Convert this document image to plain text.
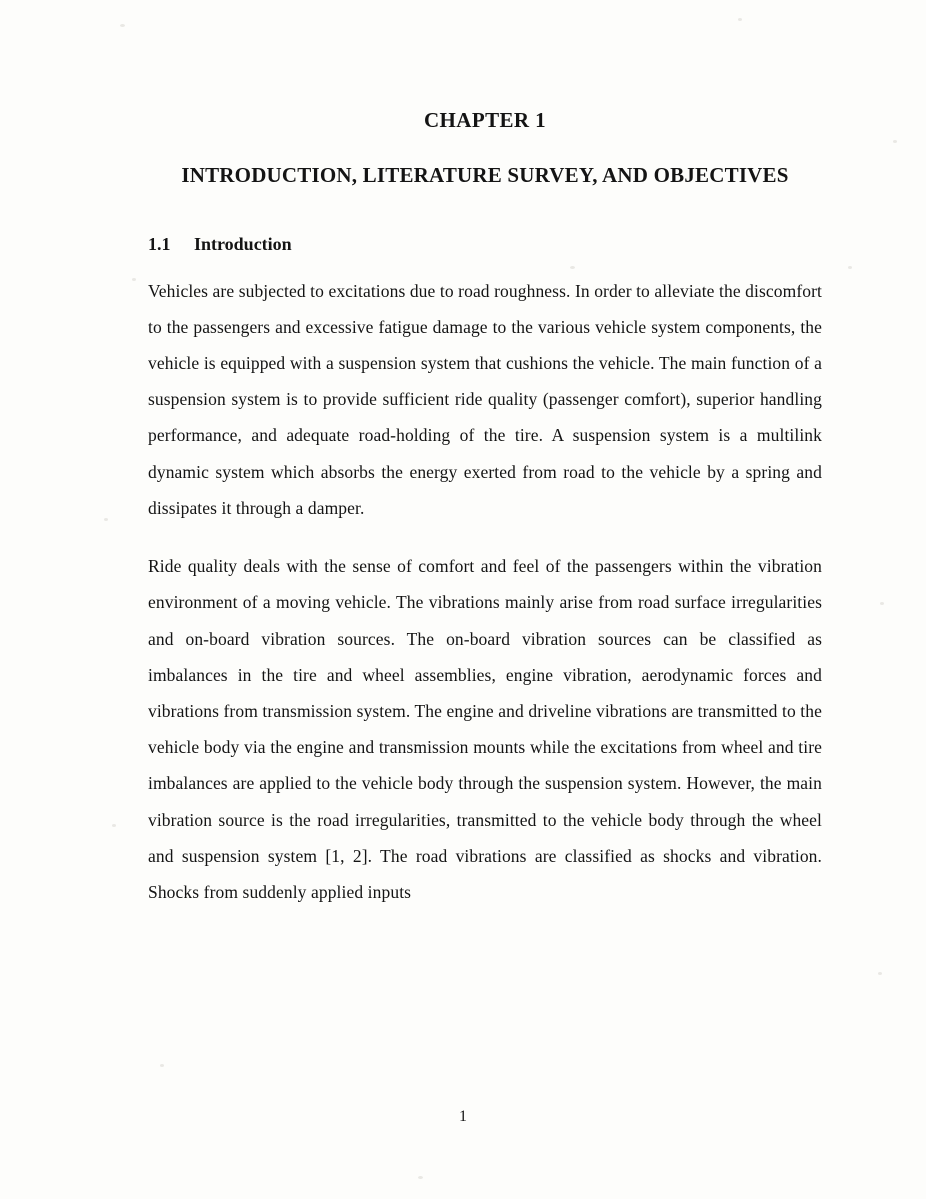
CHAPTER 1
INTRODUCTION, LITERATURE SURVEY, AND OBJECTIVES
1.1 Introduction

Vehicles are subjected to excitations due to road roughness. In order to alleviate the discomfort to the passengers and excessive fatigue damage to the various vehicle system components, the vehicle is equipped with a suspension system that cushions the vehicle. The main function of a suspension system is to provide sufficient ride quality (passenger comfort), superior handling performance, and adequate road-holding of the tire. A suspension system is a multilink dynamic system which absorbs the energy exerted from road to the vehicle by a spring and dissipates it through a damper.

Ride quality deals with the sense of comfort and feel of the passengers within the vibration environment of a moving vehicle. The vibrations mainly arise from road surface irregularities and on-board vibration sources. The on-board vibration sources can be classified as imbalances in the tire and wheel assemblies, engine vibration, aerodynamic forces and vibrations from transmission system. The engine and driveline vibrations are transmitted to the vehicle body via the engine and transmission mounts while the excitations from wheel and tire imbalances are applied to the vehicle body through the suspension system. However, the main vibration source is the road irregularities, transmitted to the vehicle body through the wheel and suspension system [1, 2]. The road vibrations are classified as shocks and vibration. Shocks from suddenly applied inputs

1
